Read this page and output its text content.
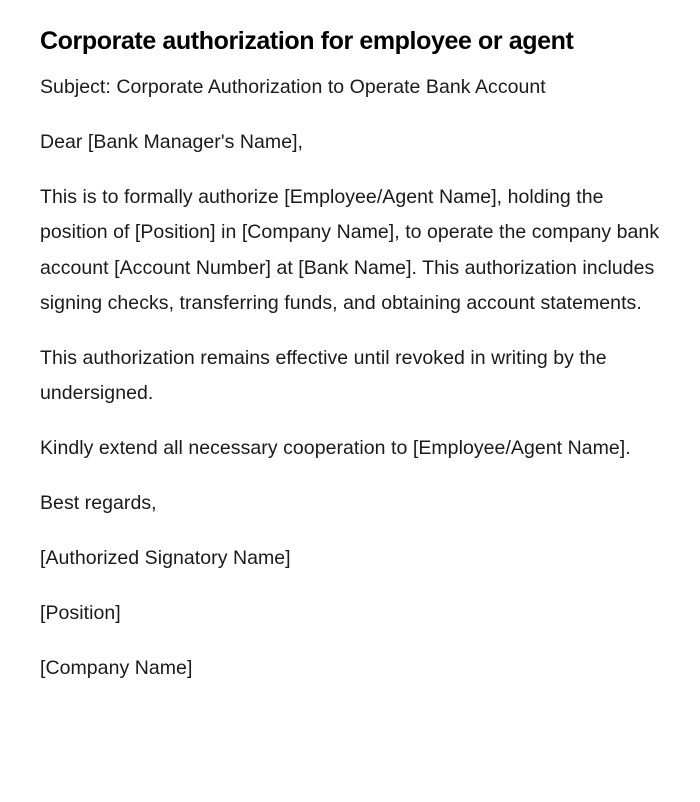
Corporate authorization for employee or agent

Subject: Corporate Authorization to Operate Bank Account

Dear [Bank Manager's Name],

This is to formally authorize [Employee/Agent Name], holding the position of [Position] in [Company Name], to operate the company bank account [Account Number] at [Bank Name]. This authorization includes signing checks, transferring funds, and obtaining account statements.

This authorization remains effective until revoked in writing by the undersigned.

Kindly extend all necessary cooperation to [Employee/Agent Name].

Best regards,

[Authorized Signatory Name]

[Position]

[Company Name]
